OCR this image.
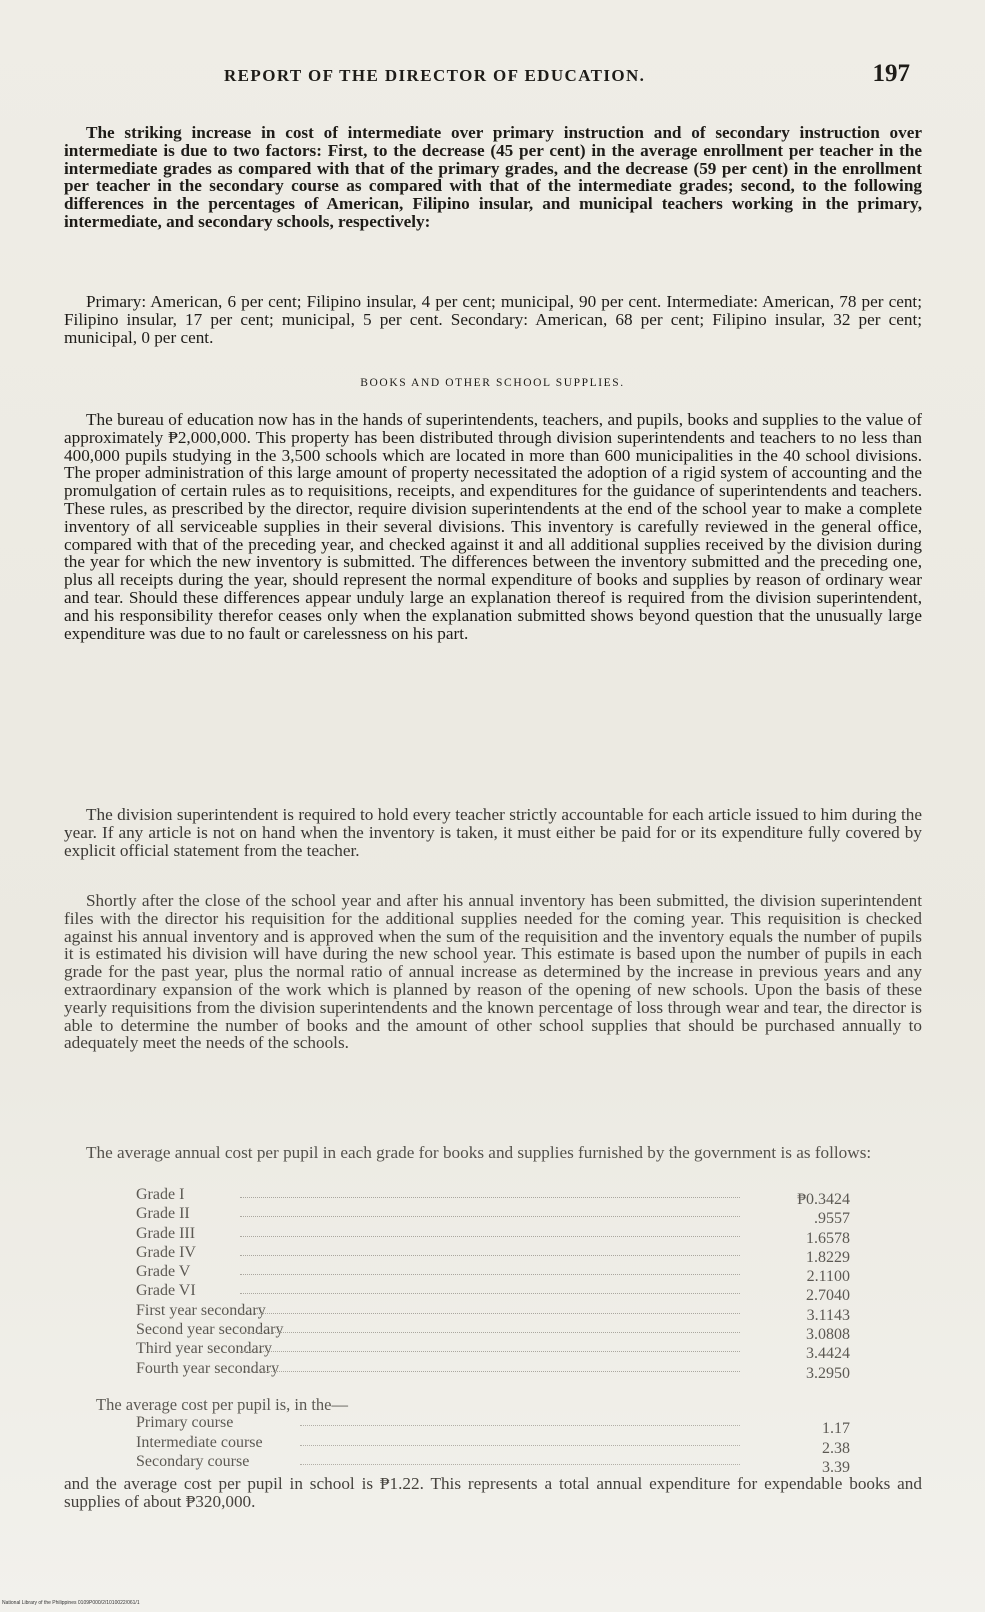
REPORT OF THE DIRECTOR OF EDUCATION.	197

The striking increase in cost of intermediate over primary instruction and of secondary instruction over intermediate is due to two factors: First, to the decrease (45 per cent) in the average enrollment per teacher in the intermediate grades as compared with that of the primary grades, and the decrease (59 per cent) in the enrollment per teacher in the secondary course as compared with that of the intermediate grades; second, to the following differences in the percentages of American, Filipino insular, and municipal teachers working in the primary, intermediate, and secondary schools, respectively:

Primary: American, 6 per cent; Filipino insular, 4 per cent; municipal, 90 per cent. Intermediate: American, 78 per cent; Filipino insular, 17 per cent; municipal, 5 per cent. Secondary: American, 68 per cent; Filipino insular, 32 per cent; municipal, 0 per cent.

BOOKS AND OTHER SCHOOL SUPPLIES.

The bureau of education now has in the hands of superintendents, teachers, and pupils, books and supplies to the value of approximately ₱2,000,000. This property has been distributed through division superintendents and teachers to no less than 400,000 pupils studying in the 3,500 schools which are located in more than 600 municipalities in the 40 school divisions. The proper administration of this large amount of property necessitated the adoption of a rigid system of accounting and the promulgation of certain rules as to requisitions, receipts, and expenditures for the guidance of superintendents and teachers. These rules, as prescribed by the director, require division superintendents at the end of the school year to make a complete inventory of all serviceable supplies in their several divisions. This inventory is carefully reviewed in the general office, compared with that of the preceding year, and checked against it and all additional supplies received by the division during the year for which the new inventory is submitted. The differences between the inventory submitted and the preceding one, plus all receipts during the year, should represent the normal expenditure of books and supplies by reason of ordinary wear and tear. Should these differences appear unduly large an explanation thereof is required from the division superintendent, and his responsibility therefor ceases only when the explanation submitted shows beyond question that the unusually large expenditure was due to no fault or carelessness on his part.

The division superintendent is required to hold every teacher strictly accountable for each article issued to him during the year. If any article is not on hand when the inventory is taken, it must either be paid for or its expenditure fully covered by explicit official statement from the teacher.

Shortly after the close of the school year and after his annual inventory has been submitted, the division superintendent files with the director his requisition for the additional supplies needed for the coming year. This requisition is checked against his annual inventory and is approved when the sum of the requisition and the inventory equals the number of pupils it is estimated his division will have during the new school year. This estimate is based upon the number of pupils in each grade for the past year, plus the normal ratio of annual increase as determined by the increase in previous years and any extraordinary expansion of the work which is planned by reason of the opening of new schools. Upon the basis of these yearly requisitions from the division superintendents and the known percentage of loss through wear and tear, the director is able to determine the number of books and the amount of other school supplies that should be purchased annually to adequately meet the needs of the schools.

The average annual cost per pupil in each grade for books and supplies furnished by the government is as follows:

Grade I	₱0.3424
Grade II	.9557
Grade III	1.6578
Grade IV	1.8229
Grade V	2.1100
Grade VI	2.7040
First year secondary	3.1143
Second year secondary	3.0808
Third year secondary	3.4424
Fourth year secondary	3.2950
The average cost per pupil is, in the—
Primary course	1.17
Intermediate course	2.38
Secondary course	3.39

and the average cost per pupil in school is ₱1.22. This represents a total annual expenditure for expendable books and supplies of about ₱320,000.

National Library of the Philippines 0109P000/2/1010022/061/1
